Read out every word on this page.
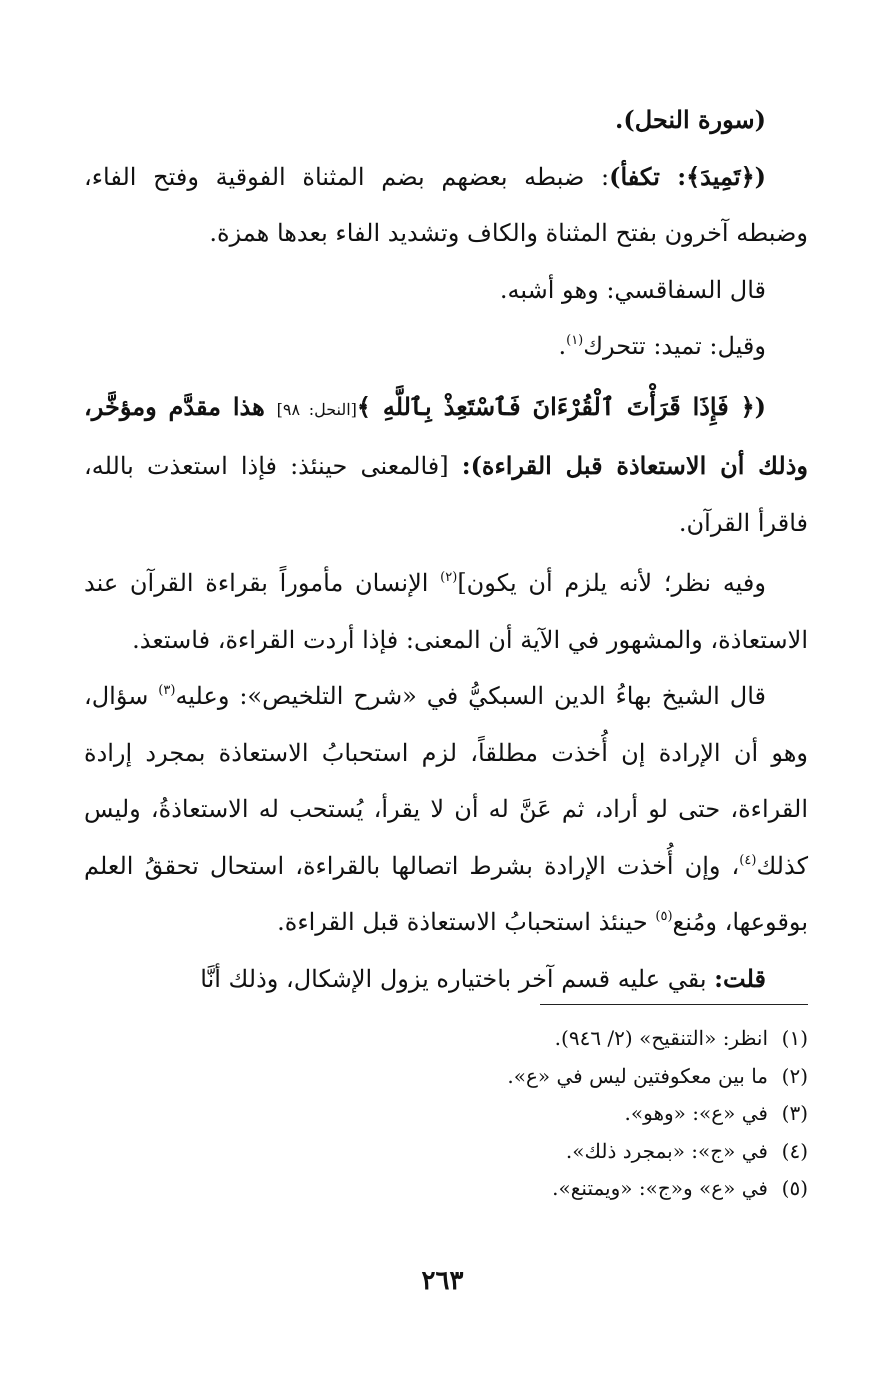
(سورة النحل).

(﴿تَمِيدَ﴾: تكفأ): ضبطه بعضهم بضم المثناة الفوقية وفتح الفاء، وضبطه آخرون بفتح المثناة والكاف وتشديد الفاء بعدها همزة.

قال السفاقسي: وهو أشبه.

وقيل: تميد: تتحرك$^{(١)}$.

(﴿ فَإِذَا قَرَأْتَ ٱلْقُرْءَانَ فَٱسْتَعِذْ بِٱللَّهِ ﴾[النحل: ٩٨] هذا مقدَّم ومؤخَّر، وذلك أن الاستعاذة قبل القراءة): [فالمعنى حينئذ: فإذا استعذت بالله، فاقرأ القرآن.

وفيه نظر؛ لأنه يلزم أن يكون]$^{(٢)}$ الإنسان مأموراً بقراءة القرآن عند الاستعاذة، والمشهور في الآية أن المعنى: فإذا أردت القراءة، فاستعذ.

قال الشيخ بهاءُ الدين السبكيُّ في «شرح التلخيص»: وعليه$^{(٣)}$ سؤال، وهو أن الإرادة إن أُخذت مطلقاً، لزم استحبابُ الاستعاذة بمجرد إرادة القراءة، حتى لو أراد، ثم عَنَّ له أن لا يقرأ، يُستحب له الاستعاذةُ، وليس كذلك$^{(٤)}$، وإن أُخذت الإرادة بشرط اتصالها بالقراءة، استحال تحققُ العلم بوقوعها، ومُنع$^{(٥)}$ حينئذ استحبابُ الاستعاذة قبل القراءة.

قلت: بقي عليه قسم آخر باختياره يزول الإشكال، وذلك أنَّا

(١)انظر: «التنقيح» (٢/ ٩٤٦).

(٢)ما بين معكوفتين ليس في «ع».

(٣)في «ع»: «وهو».

(٤)في «ج»: «بمجرد ذلك».

(٥)في «ع» و«ج»: «ويمتنع».

٢٦٣
